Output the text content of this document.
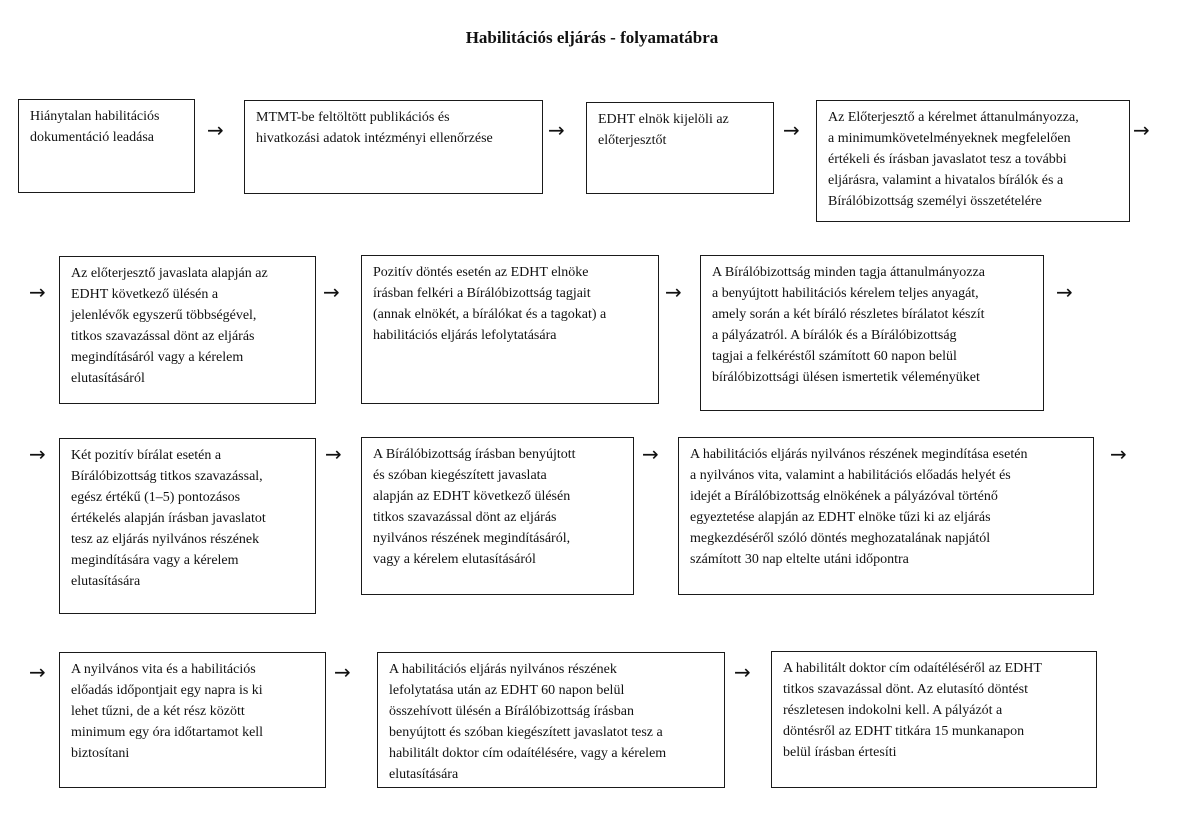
Habilitációs eljárás - folyamatábra
Hiánytalan habilitációs
dokumentáció leadása	→
MTMT-be feltöltött publikációs és
hivatkozási adatok intézményi ellenőrzése	→	EDHT elnök kijelöli az
előterjesztőt	→
Az Előterjesztő a kérelmet áttanulmányozza,
a minimumkövetelményeknek megfelelően
értékeli és írásban javaslatot tesz a további
eljárásra, valamint a hivatalos bírálók és a
Bírálóbizottság személyi összetételére
→
→
Az előterjesztő javaslata alapján az
EDHT következő ülésén a
jelenlévők egyszerű többségével,
titkos szavazással dönt az eljárás
megindításáról vagy a kérelem
elutasításáról
→
Pozitív döntés esetén az EDHT elnöke
írásban felkéri a Bírálóbizottság tagjait
(annak elnökét, a bírálókat és a tagokat) a
habilitációs eljárás lefolytatására
→
A Bírálóbizottság minden tagja áttanulmányozza
a benyújtott habilitációs kérelem teljes anyagát,
amely során a két bíráló részletes bírálatot készít
a pályázatról. A bírálók és a Bírálóbizottság
tagjai a felkéréstől számított 60 napon belül
bírálóbizottsági ülésen ismertetik véleményüket
→
→	Két pozitív bírálat esetén a
Bírálóbizottság titkos szavazással,
egész értékű (1–5) pontozásos
értékelés alapján írásban javaslatot
tesz az eljárás nyilvános részének
megindítására vagy a kérelem
elutasítására
→	A Bírálóbizottság írásban benyújtott
és szóban kiegészített javaslata
alapján az EDHT következő ülésén
titkos szavazással dönt az eljárás
nyilvános részének megindításáról,
vagy a kérelem elutasításáról
→	A habilitációs eljárás nyilvános részének megindítása esetén
a nyilvános vita, valamint a habilitációs előadás helyét és
idejét a Bírálóbizottság elnökének a pályázóval történő
egyeztetése alapján az EDHT elnöke tűzi ki az eljárás
megkezdéséről szóló döntés meghozatalának napjától
számított 30 nap eltelte utáni időpontra
→
→	A nyilvános vita és a habilitációs
előadás időpontjait egy napra is ki
lehet tűzni, de a két rész között
minimum egy óra időtartamot kell
biztosítani
→	A habilitációs eljárás nyilvános részének
lefolytatása után az EDHT 60 napon belül
összehívott ülésén a Bírálóbizottság írásban
benyújtott és szóban kiegészített javaslatot tesz a
habilitált doktor cím odaítélésére, vagy a kérelem
elutasítására
→	A habilitált doktor cím odaítéléséről az EDHT
titkos szavazással dönt. Az elutasító döntést
részletesen indokolni kell. A pályázót a
döntésről az EDHT titkára 15 munkanapon
belül írásban értesíti
